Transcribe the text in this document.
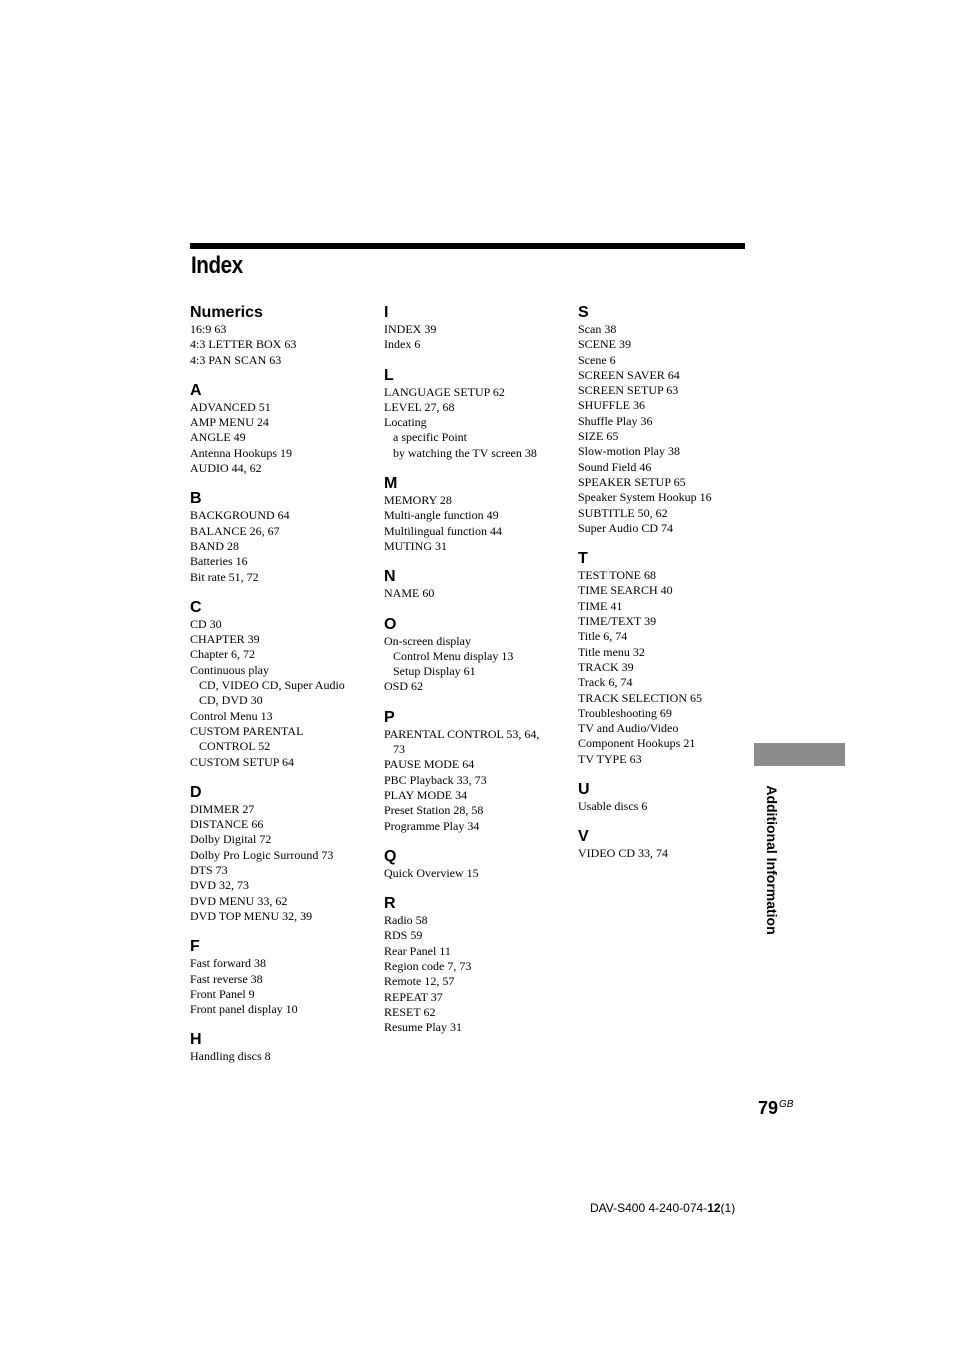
Index
Numerics
16:9 63
4:3 LETTER BOX 63
4:3 PAN SCAN 63
A
ADVANCED 51
AMP MENU 24
ANGLE 49
Antenna Hookups 19
AUDIO 44, 62
B
BACKGROUND 64
BALANCE 26, 67
BAND 28
Batteries 16
Bit rate 51, 72
C
CD 30
CHAPTER 39
Chapter 6, 72
Continuous play
CD, VIDEO CD, Super Audio
CD, DVD 30
Control Menu 13
CUSTOM PARENTAL
CONTROL 52
CUSTOM SETUP 64
D
DIMMER 27
DISTANCE 66
Dolby Digital 72
Dolby Pro Logic Surround 73
DTS 73
DVD 32, 73
DVD MENU 33, 62
DVD TOP MENU 32, 39
F
Fast forward 38
Fast reverse 38
Front Panel 9
Front panel display 10
H
Handling discs 8
I
INDEX 39
Index 6
L
LANGUAGE SETUP 62
LEVEL 27, 68
Locating
a specific Point
by watching the TV screen 38
M
MEMORY 28
Multi-angle function 49
Multilingual function 44
MUTING 31
N
NAME 60
O
On-screen display
Control Menu display 13
Setup Display 61
OSD 62
P
PARENTAL CONTROL 53, 64,
73
PAUSE MODE 64
PBC Playback 33, 73
PLAY MODE 34
Preset Station 28, 58
Programme Play 34
Q
Quick Overview 15
R
Radio 58
RDS 59
Rear Panel 11
Region code 7, 73
Remote 12, 57
REPEAT 37
RESET 62
Resume Play 31
S
Scan 38
SCENE 39
Scene 6
SCREEN SAVER 64
SCREEN SETUP 63
SHUFFLE 36
Shuffle Play 36
SIZE 65
Slow-motion Play 38
Sound Field 46
SPEAKER SETUP 65
Speaker System Hookup 16
SUBTITLE 50, 62
Super Audio CD 74
T
TEST TONE 68
TIME SEARCH 40
TIME 41
TIME/TEXT 39
Title 6, 74
Title menu 32
TRACK 39
Track 6, 74
TRACK SELECTION 65
Troubleshooting 69
TV and Audio/Video
Component Hookups 21
TV TYPE 63
U
Usable discs 6
V
VIDEO CD 33, 74	Additional Information
$79^{GB}$
DAV-S400 4-240-074-12(1)
